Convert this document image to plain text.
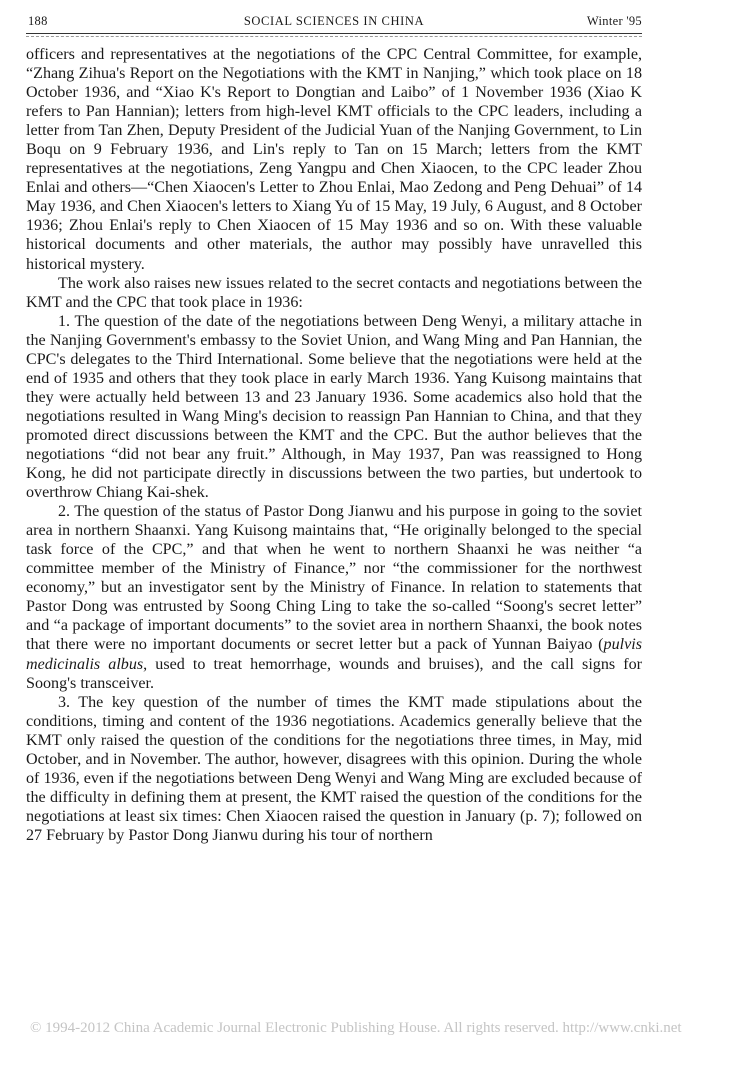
188	SOCIAL SCIENCES IN CHINA	Winter '95

officers and representatives at the negotiations of the CPC Central Committee, for example, “Zhang Zihua's Report on the Negotiations with the KMT in Nanjing,” which took place on 18 October 1936, and “Xiao K's Report to Dongtian and Laibo” of 1 November 1936 (Xiao K refers to Pan Hannian); letters from high-level KMT officials to the CPC leaders, including a letter from Tan Zhen, Deputy President of the Judicial Yuan of the Nanjing Government, to Lin Boqu on 9 February 1936, and Lin's reply to Tan on 15 March; letters from the KMT representatives at the negotiations, Zeng Yangpu and Chen Xiaocen, to the CPC leader Zhou Enlai and others—“Chen Xiaocen's Letter to Zhou Enlai, Mao Zedong and Peng Dehuai” of 14 May 1936, and Chen Xiaocen's letters to Xiang Yu of 15 May, 19 July, 6 August, and 8 October 1936; Zhou Enlai's reply to Chen Xiaocen of 15 May 1936 and so on. With these valuable historical documents and other materials, the author may possibly have unravelled this historical mystery.

The work also raises new issues related to the secret contacts and negotiations between the KMT and the CPC that took place in 1936:

1. The question of the date of the negotiations between Deng Wenyi, a military attache in the Nanjing Government's embassy to the Soviet Union, and Wang Ming and Pan Hannian, the CPC's delegates to the Third International. Some believe that the negotiations were held at the end of 1935 and others that they took place in early March 1936. Yang Kuisong maintains that they were actually held between 13 and 23 January 1936. Some academics also hold that the negotiations resulted in Wang Ming's decision to reassign Pan Hannian to China, and that they promoted direct discussions between the KMT and the CPC. But the author believes that the negotiations “did not bear any fruit.” Although, in May 1937, Pan was reassigned to Hong Kong, he did not participate directly in discussions between the two parties, but undertook to overthrow Chiang Kai-shek.

2. The question of the status of Pastor Dong Jianwu and his purpose in going to the soviet area in northern Shaanxi. Yang Kuisong maintains that, “He originally belonged to the special task force of the CPC,” and that when he went to northern Shaanxi he was neither “a committee member of the Ministry of Finance,” nor “the commissioner for the northwest economy,” but an investigator sent by the Ministry of Finance. In relation to statements that Pastor Dong was entrusted by Soong Ching Ling to take the so-called “Soong's secret letter” and “a package of important documents” to the soviet area in northern Shaanxi, the book notes that there were no important documents or secret letter but a pack of Yunnan Baiyao (pulvis medicinalis albus, used to treat hemorrhage, wounds and bruises), and the call signs for Soong's transceiver.

3. The key question of the number of times the KMT made stipulations about the conditions, timing and content of the 1936 negotiations. Academics generally believe that the KMT only raised the question of the conditions for the negotiations three times, in May, mid October, and in November. The author, however, disagrees with this opinion. During the whole of 1936, even if the negotiations between Deng Wenyi and Wang Ming are excluded because of the difficulty in defining them at present, the KMT raised the question of the conditions for the negotiations at least six times: Chen Xiaocen raised the question in January (p. 7); followed on 27 February by Pastor Dong Jianwu during his tour of northern

© 1994-2012 China Academic Journal Electronic Publishing House. All rights reserved. http://www.cnki.net
